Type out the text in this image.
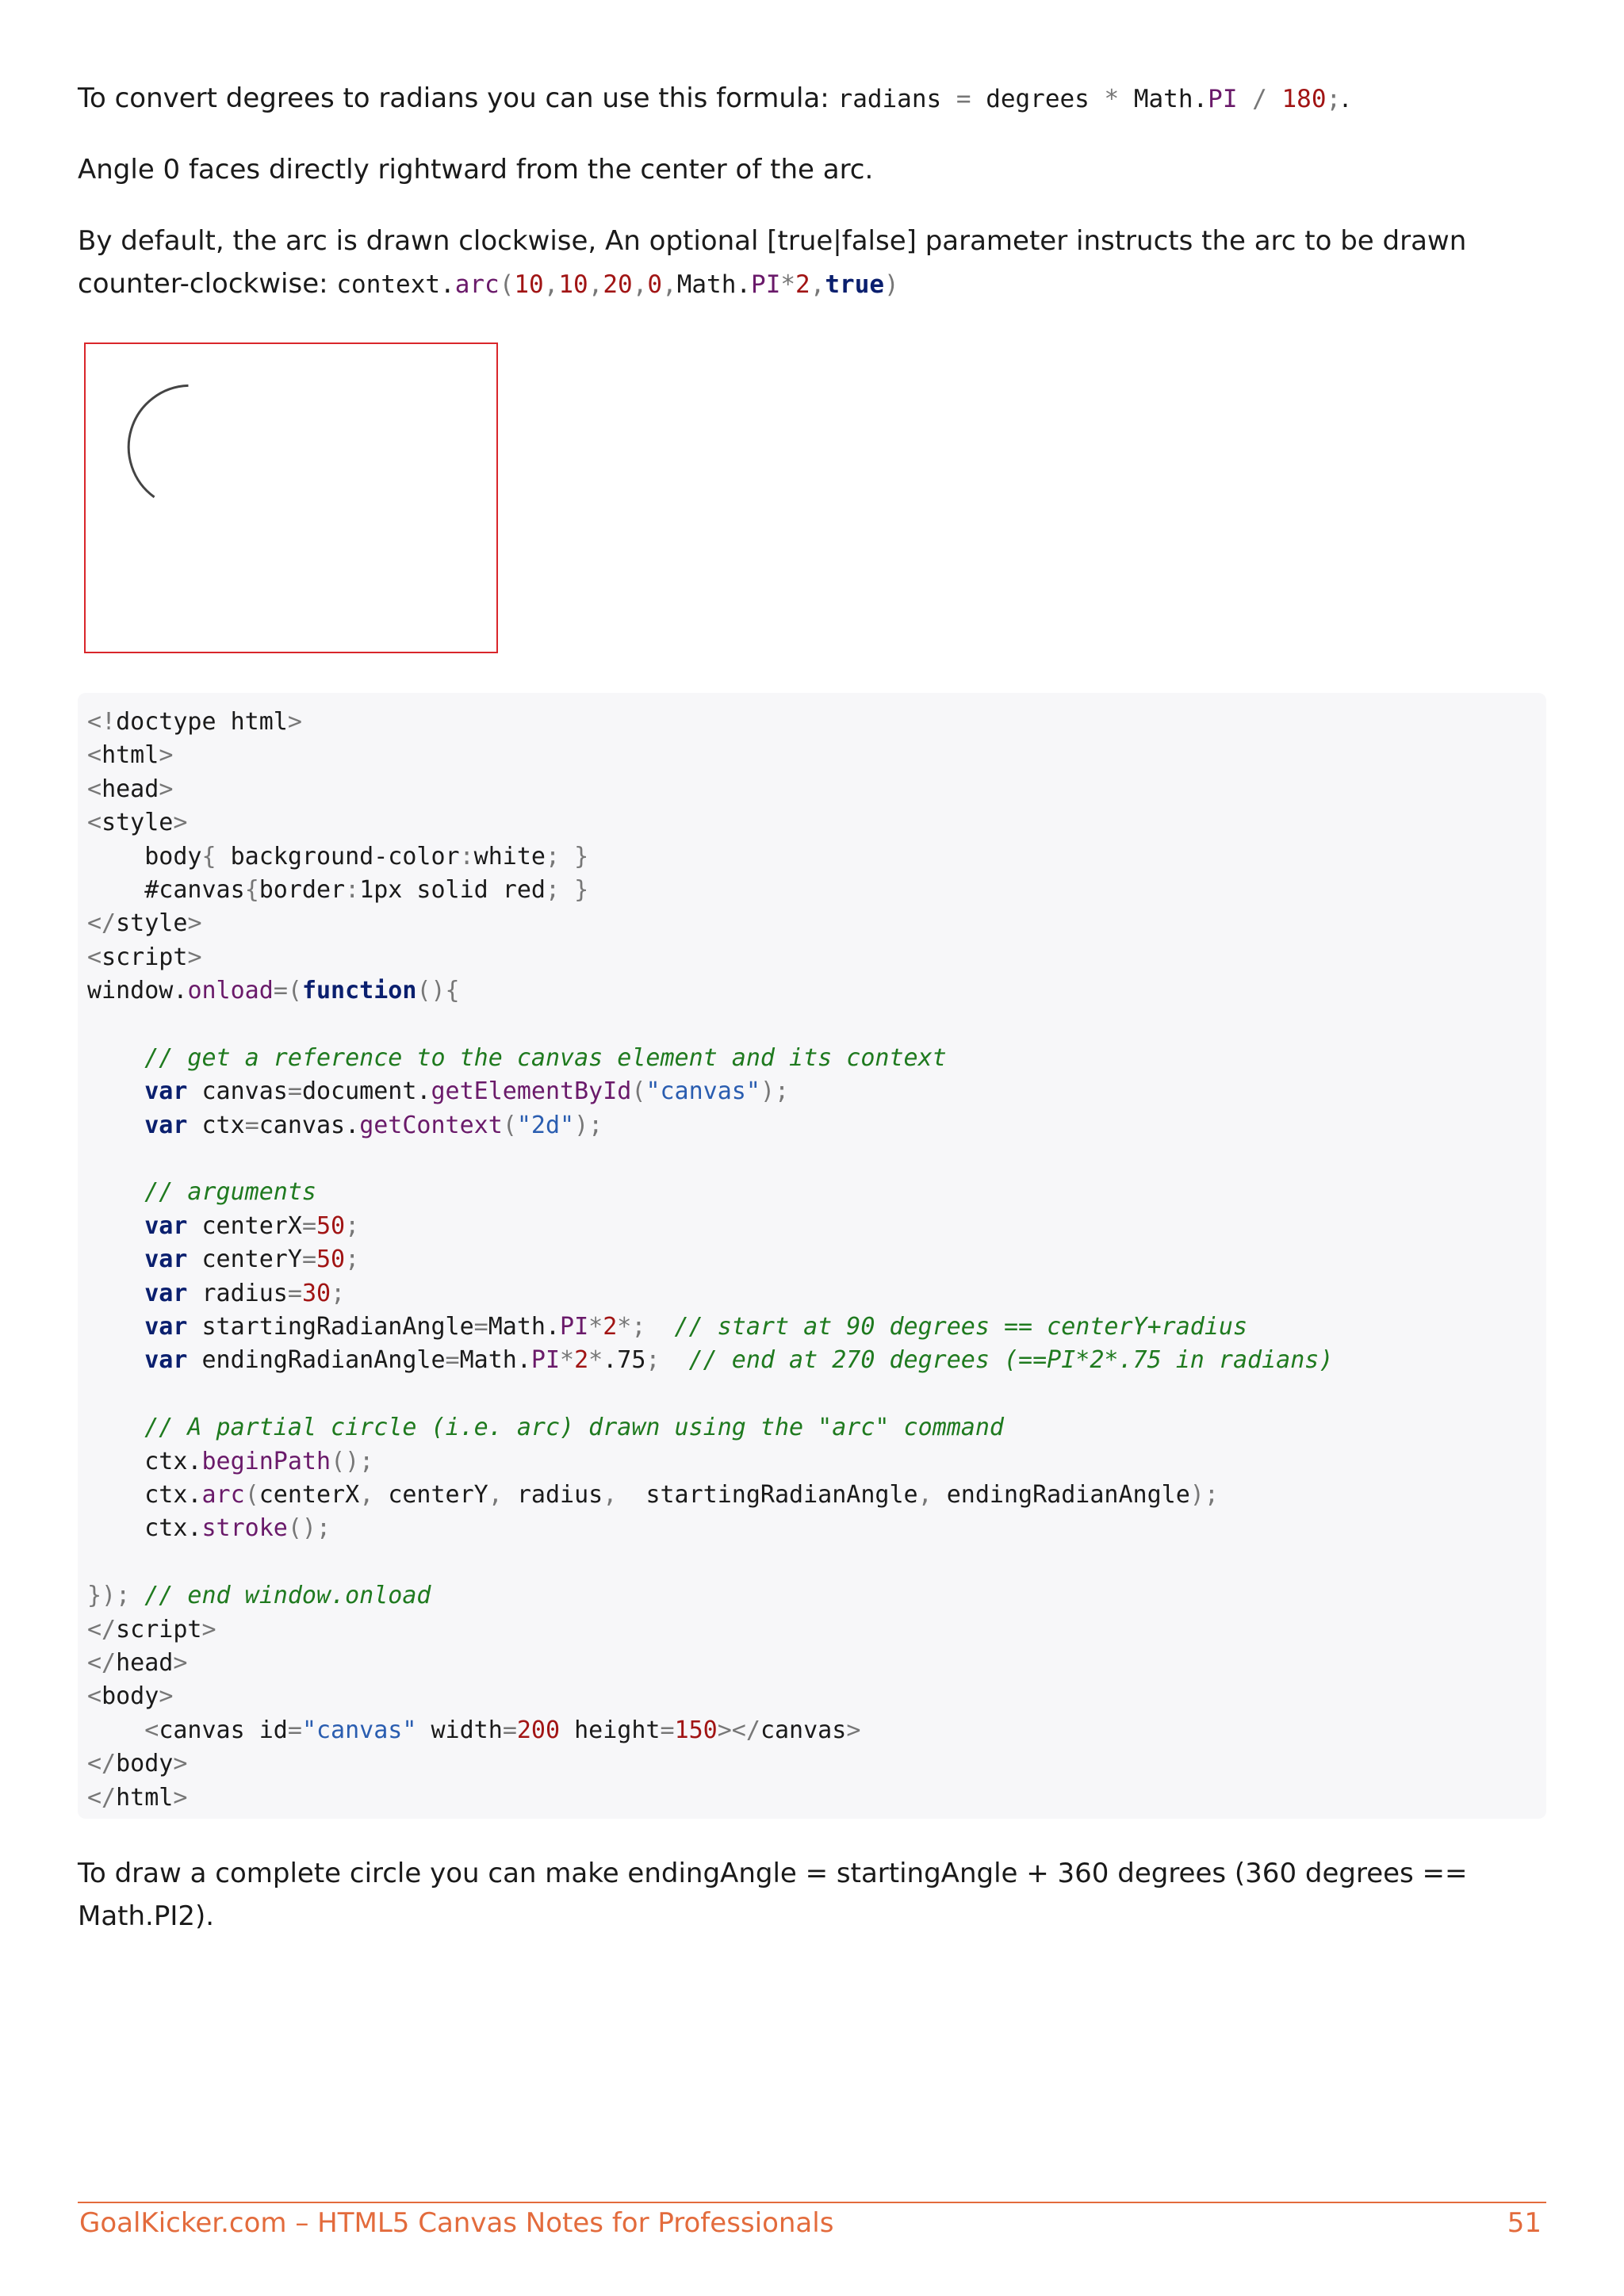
To convert degrees to radians you can use this formula: radians = degrees * Math.PI / 180;.

Angle 0 faces directly rightward from the center of the arc.

By default, the arc is drawn clockwise, An optional [true|false] parameter instructs the arc to be drawn counter-clockwise: context.arc(10,10,20,0,Math.PI*2,true)

<!doctype html>
<html>
<head>
<style>
body{ background-color:white; }
#canvas{border:1px solid red; }
</style>
<script>
window.onload=(function(){

// get a reference to the canvas element and its context
var canvas=document.getElementById("canvas");
var ctx=canvas.getContext("2d");

// arguments
var centerX=50;
var centerY=50;
var radius=30;
var startingRadianAngle=Math.PI*2*; // start at 90 degrees == centerY+radius
var endingRadianAngle=Math.PI*2*.75; // end at 270 degrees (==PI*2*.75 in radians)

// A partial circle (i.e. arc) drawn using the "arc" command
ctx.beginPath();
ctx.arc(centerX, centerY, radius,  startingRadianAngle, endingRadianAngle);
ctx.stroke();

}); // end window.onload
</script>
</head>
<body>
<canvas id="canvas" width=200 height=150></canvas>
</body>
</html>

To draw a complete circle you can make endingAngle = startingAngle + 360 degrees (360 degrees == Math.PI2).

GoalKicker.com – HTML5 Canvas Notes for Professionals	51
